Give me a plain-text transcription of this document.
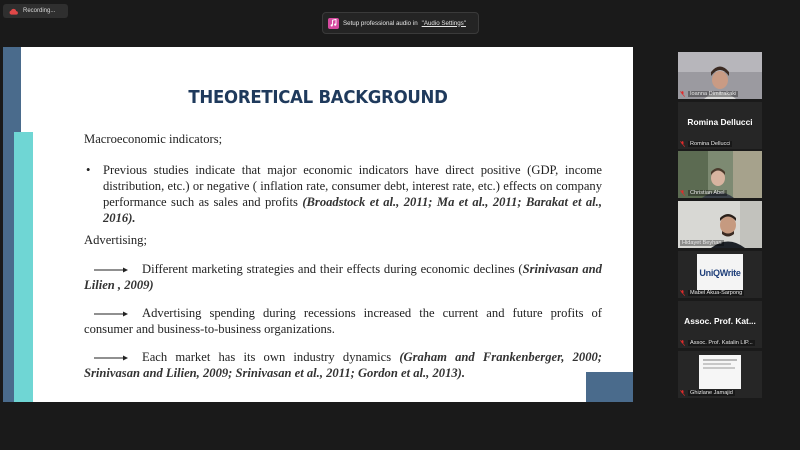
Recording...
Setup professional audio in "Audio Settings"
THEORETICAL BACKGROUND
Macroeconomic indicators;
• Previous studies indicate that major economic indicators have direct positive (GDP, income distribution, etc.) or negative ( inflation rate, consumer debt, interest rate, etc.) effects on company performance such as sales and profits (Broadstock et al., 2011; Ma et al., 2011; Barakat et al., 2016).
Advertising;
Different marketing strategies and their effects during economic declines (Srinivasan and Lilien , 2009)
Advertising spending during recessions increased the current and future profits of consumer and business-to-business organizations.
Each market has its own industry dynamics (Graham and Frankenberger, 2000; Srinivasan and Lilien, 2009; Srinivasan et al., 2011; Gordon et al., 2013).
Ioanna Dimitrakaki
Romina Dellucci
Romina Dellucci
Christian Abel
Hidayet Beyhan
UniQWrite
Mabel Akua-Sarpong
Assoc. Prof. Kat...
Assoc. Prof. Katalin LIP...
Ghizlane Jamajid
